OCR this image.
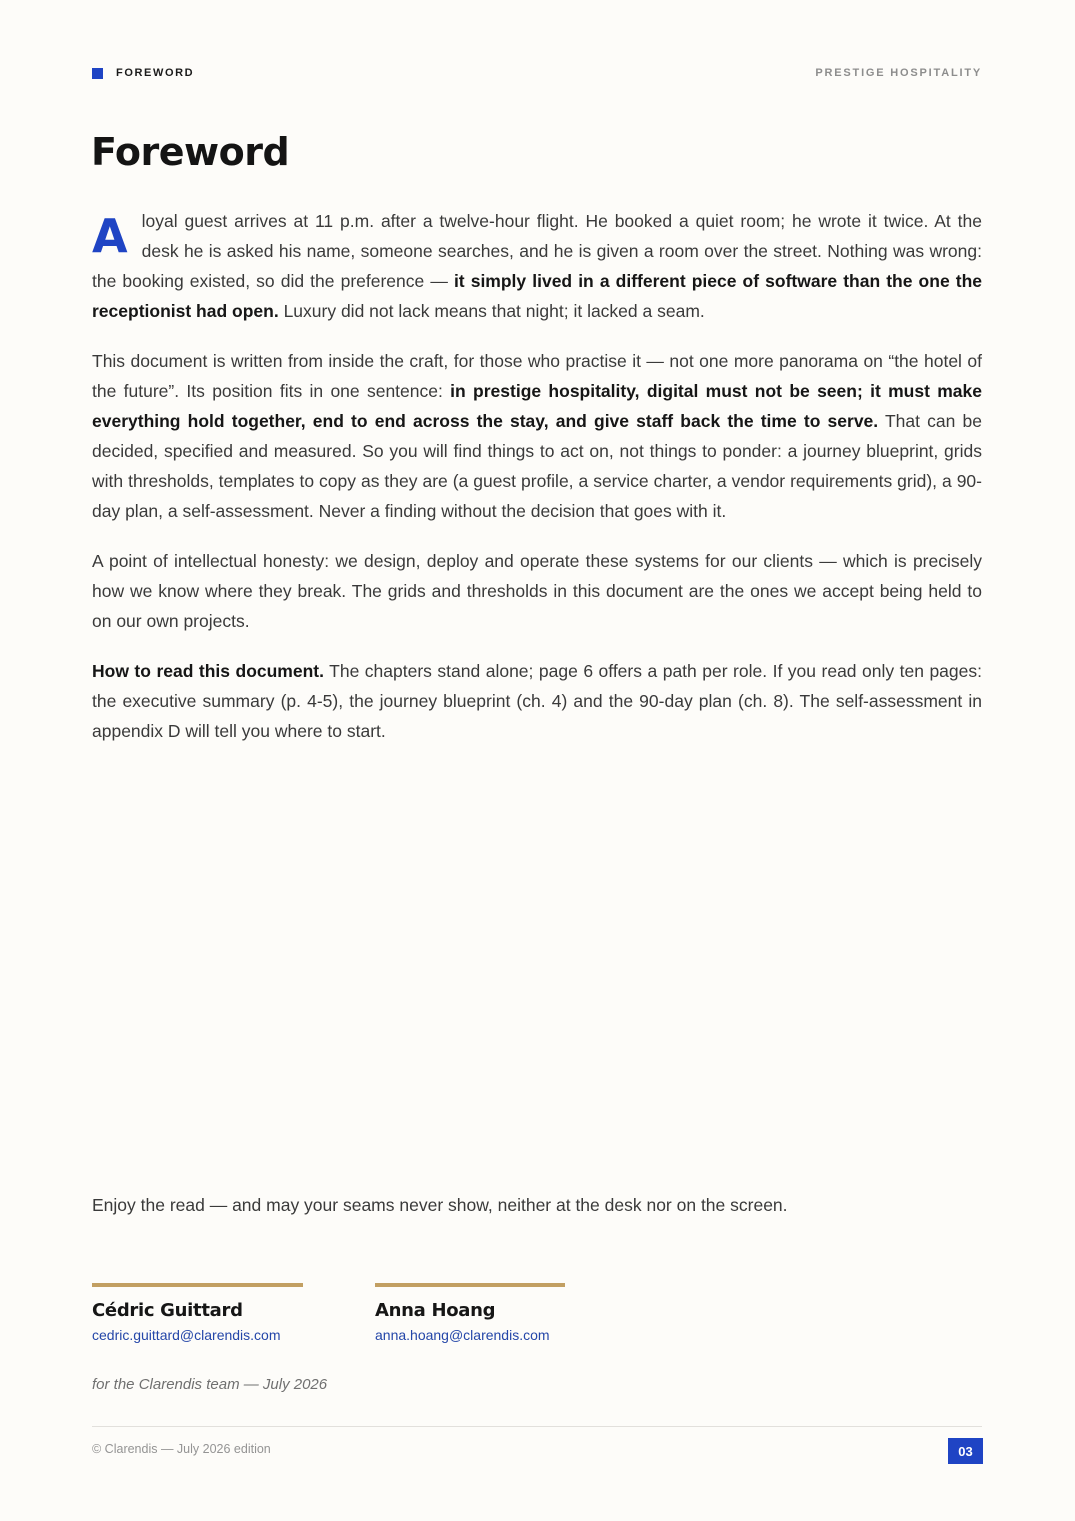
FOREWORD	PRESTIGE HOSPITALITY
Foreword

Aloyal guest arrives at 11 p.m. after a twelve-hour flight. He booked a quiet room; he wrote it twice. At the desk he is asked his name, someone searches, and he is given a room over the street. Nothing was wrong: the booking existed, so did the preference — it simply lived in a different piece of software than the one the receptionist had open. Luxury did not lack means that night; it lacked a seam.

This document is written from inside the craft, for those who practise it — not one more panorama on “the hotel of the future”. Its position fits in one sentence: in prestige hospitality, digital must not be seen; it must make everything hold together, end to end across the stay, and give staff back the time to serve. That can be decided, specified and measured. So you will find things to act on, not things to ponder: a journey blueprint, grids with thresholds, templates to copy as they are (a guest profile, a service charter, a vendor requirements grid), a 90-day plan, a self-assessment. Never a finding without the decision that goes with it.

A point of intellectual honesty: we design, deploy and operate these systems for our clients — which is precisely how we know where they break. The grids and thresholds in this document are the ones we accept being held to on our own projects.

How to read this document. The chapters stand alone; page 6 offers a path per role. If you read only ten pages: the executive summary (p. 4-5), the journey blueprint (ch. 4) and the 90-day plan (ch. 8). The self-assessment in appendix D will tell you where to start.

Enjoy the read — and may your seams never show, neither at the desk nor on the screen.

Cédric Guittard
cedric.guittard@clarendis.com
Anna Hoang
anna.hoang@clarendis.com
for the Clarendis team — July 2026
© Clarendis — July 2026 edition	03
